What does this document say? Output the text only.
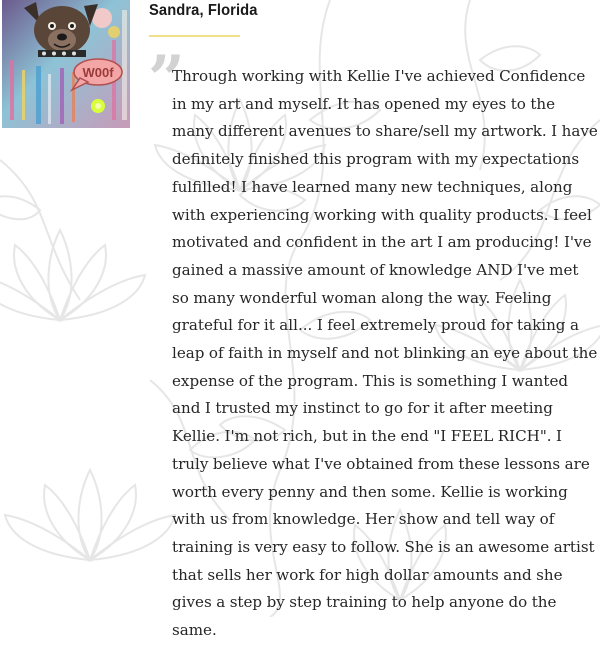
W00f
Sandra, Florida
”

Through working with Kellie I've achieved Confidence in my art and myself. It has opened my eyes to the many different avenues to share/sell my artwork. I have definitely finished this program with my expectations fulfilled! I have learned many new techniques, along with experiencing working with quality products. I feel motivated and confident in the art I am producing! I've gained a massive amount of knowledge AND I've met so many wonderful woman along the way. Feeling grateful for it all... I feel extremely proud for taking a leap of faith in myself and not blinking an eye about the expense of the program. This is something I wanted and I trusted my instinct to go for it after meeting Kellie. I'm not rich, but in the end "I FEEL RICH". I truly believe what I've obtained from these lessons are worth every penny and then some. Kellie is working with us from knowledge. Her show and tell way of training is very easy to follow. She is an awesome artist that sells her work for high dollar amounts and she gives a step by step training to help anyone do the same.
